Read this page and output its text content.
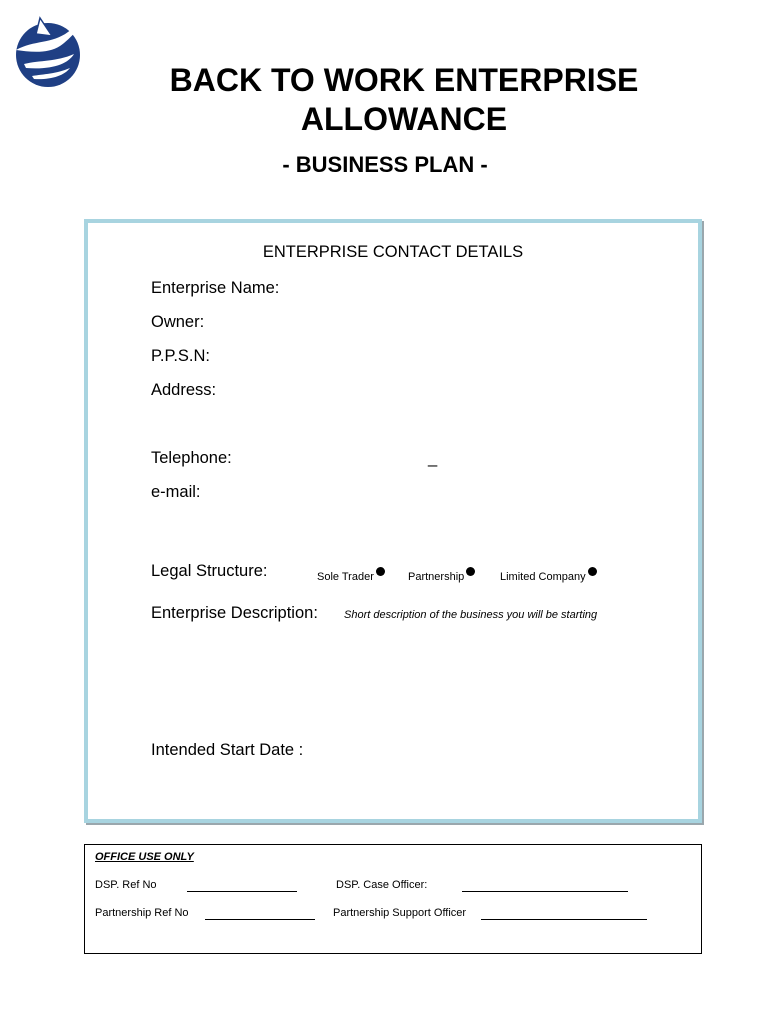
BACK TO WORK ENTERPRISE
ALLOWANCE
- BUSINESS PLAN -
ENTERPRISE CONTACT DETAILS
Enterprise Name:
Owner:
P.P.S.N:
Address:
Telephone:	_
e-mail:
Legal Structure:	Sole Trader	Partnership	Limited Company
Enterprise Description: Short description of the business you will be starting
Intended Start Date :
OFFICE USE ONLY
DSP. Ref No	DSP. Case Officer:
Partnership Ref No	Partnership Support Officer
